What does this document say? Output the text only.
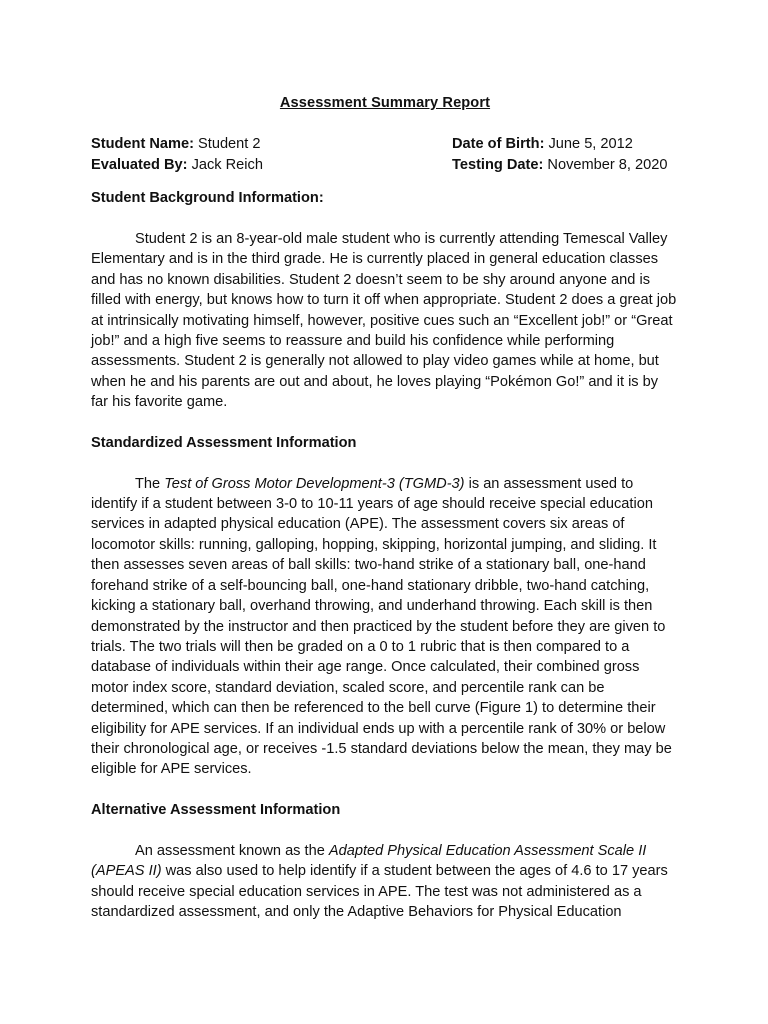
Assessment Summary Report

Student Name: Student 2
Evaluated By: Jack Reich
Date of Birth: June 5, 2012
Testing Date: November 8, 2020

Student Background Information:

Student 2 is an 8-year-old male student who is currently attending Temescal Valley Elementary and is in the third grade. He is currently placed in general education classes and has no known disabilities. Student 2 doesn’t seem to be shy around anyone and is filled with energy, but knows how to turn it off when appropriate. Student 2 does a great job at intrinsically motivating himself, however, positive cues such an “Excellent job!” or “Great job!” and a high five seems to reassure and build his confidence while performing assessments. Student 2 is generally not allowed to play video games while at home, but when he and his parents are out and about, he loves playing “Pokémon Go!” and it is by far his favorite game.

Standardized Assessment Information

The Test of Gross Motor Development-3 (TGMD-3) is an assessment used to identify if a student between 3-0 to 10-11 years of age should receive special education services in adapted physical education (APE). The assessment covers six areas of locomotor skills: running, galloping, hopping, skipping, horizontal jumping, and sliding. It then assesses seven areas of ball skills: two-hand strike of a stationary ball, one-hand forehand strike of a self-bouncing ball, one-hand stationary dribble, two-hand catching, kicking a stationary ball, overhand throwing, and underhand throwing. Each skill is then demonstrated by the instructor and then practiced by the student before they are given to trials. The two trials will then be graded on a 0 to 1 rubric that is then compared to a database of individuals within their age range. Once calculated, their combined gross motor index score, standard deviation, scaled score, and percentile rank can be determined, which can then be referenced to the bell curve (Figure 1) to determine their eligibility for APE services. If an individual ends up with a percentile rank of 30% or below their chronological age, or receives -1.5 standard deviations below the mean, they may be eligible for APE services.

Alternative Assessment Information

An assessment known as the Adapted Physical Education Assessment Scale II (APEAS II) was also used to help identify if a student between the ages of 4.6 to 17 years should receive special education services in APE. The test was not administered as a standardized assessment, and only the Adaptive Behaviors for Physical Education
